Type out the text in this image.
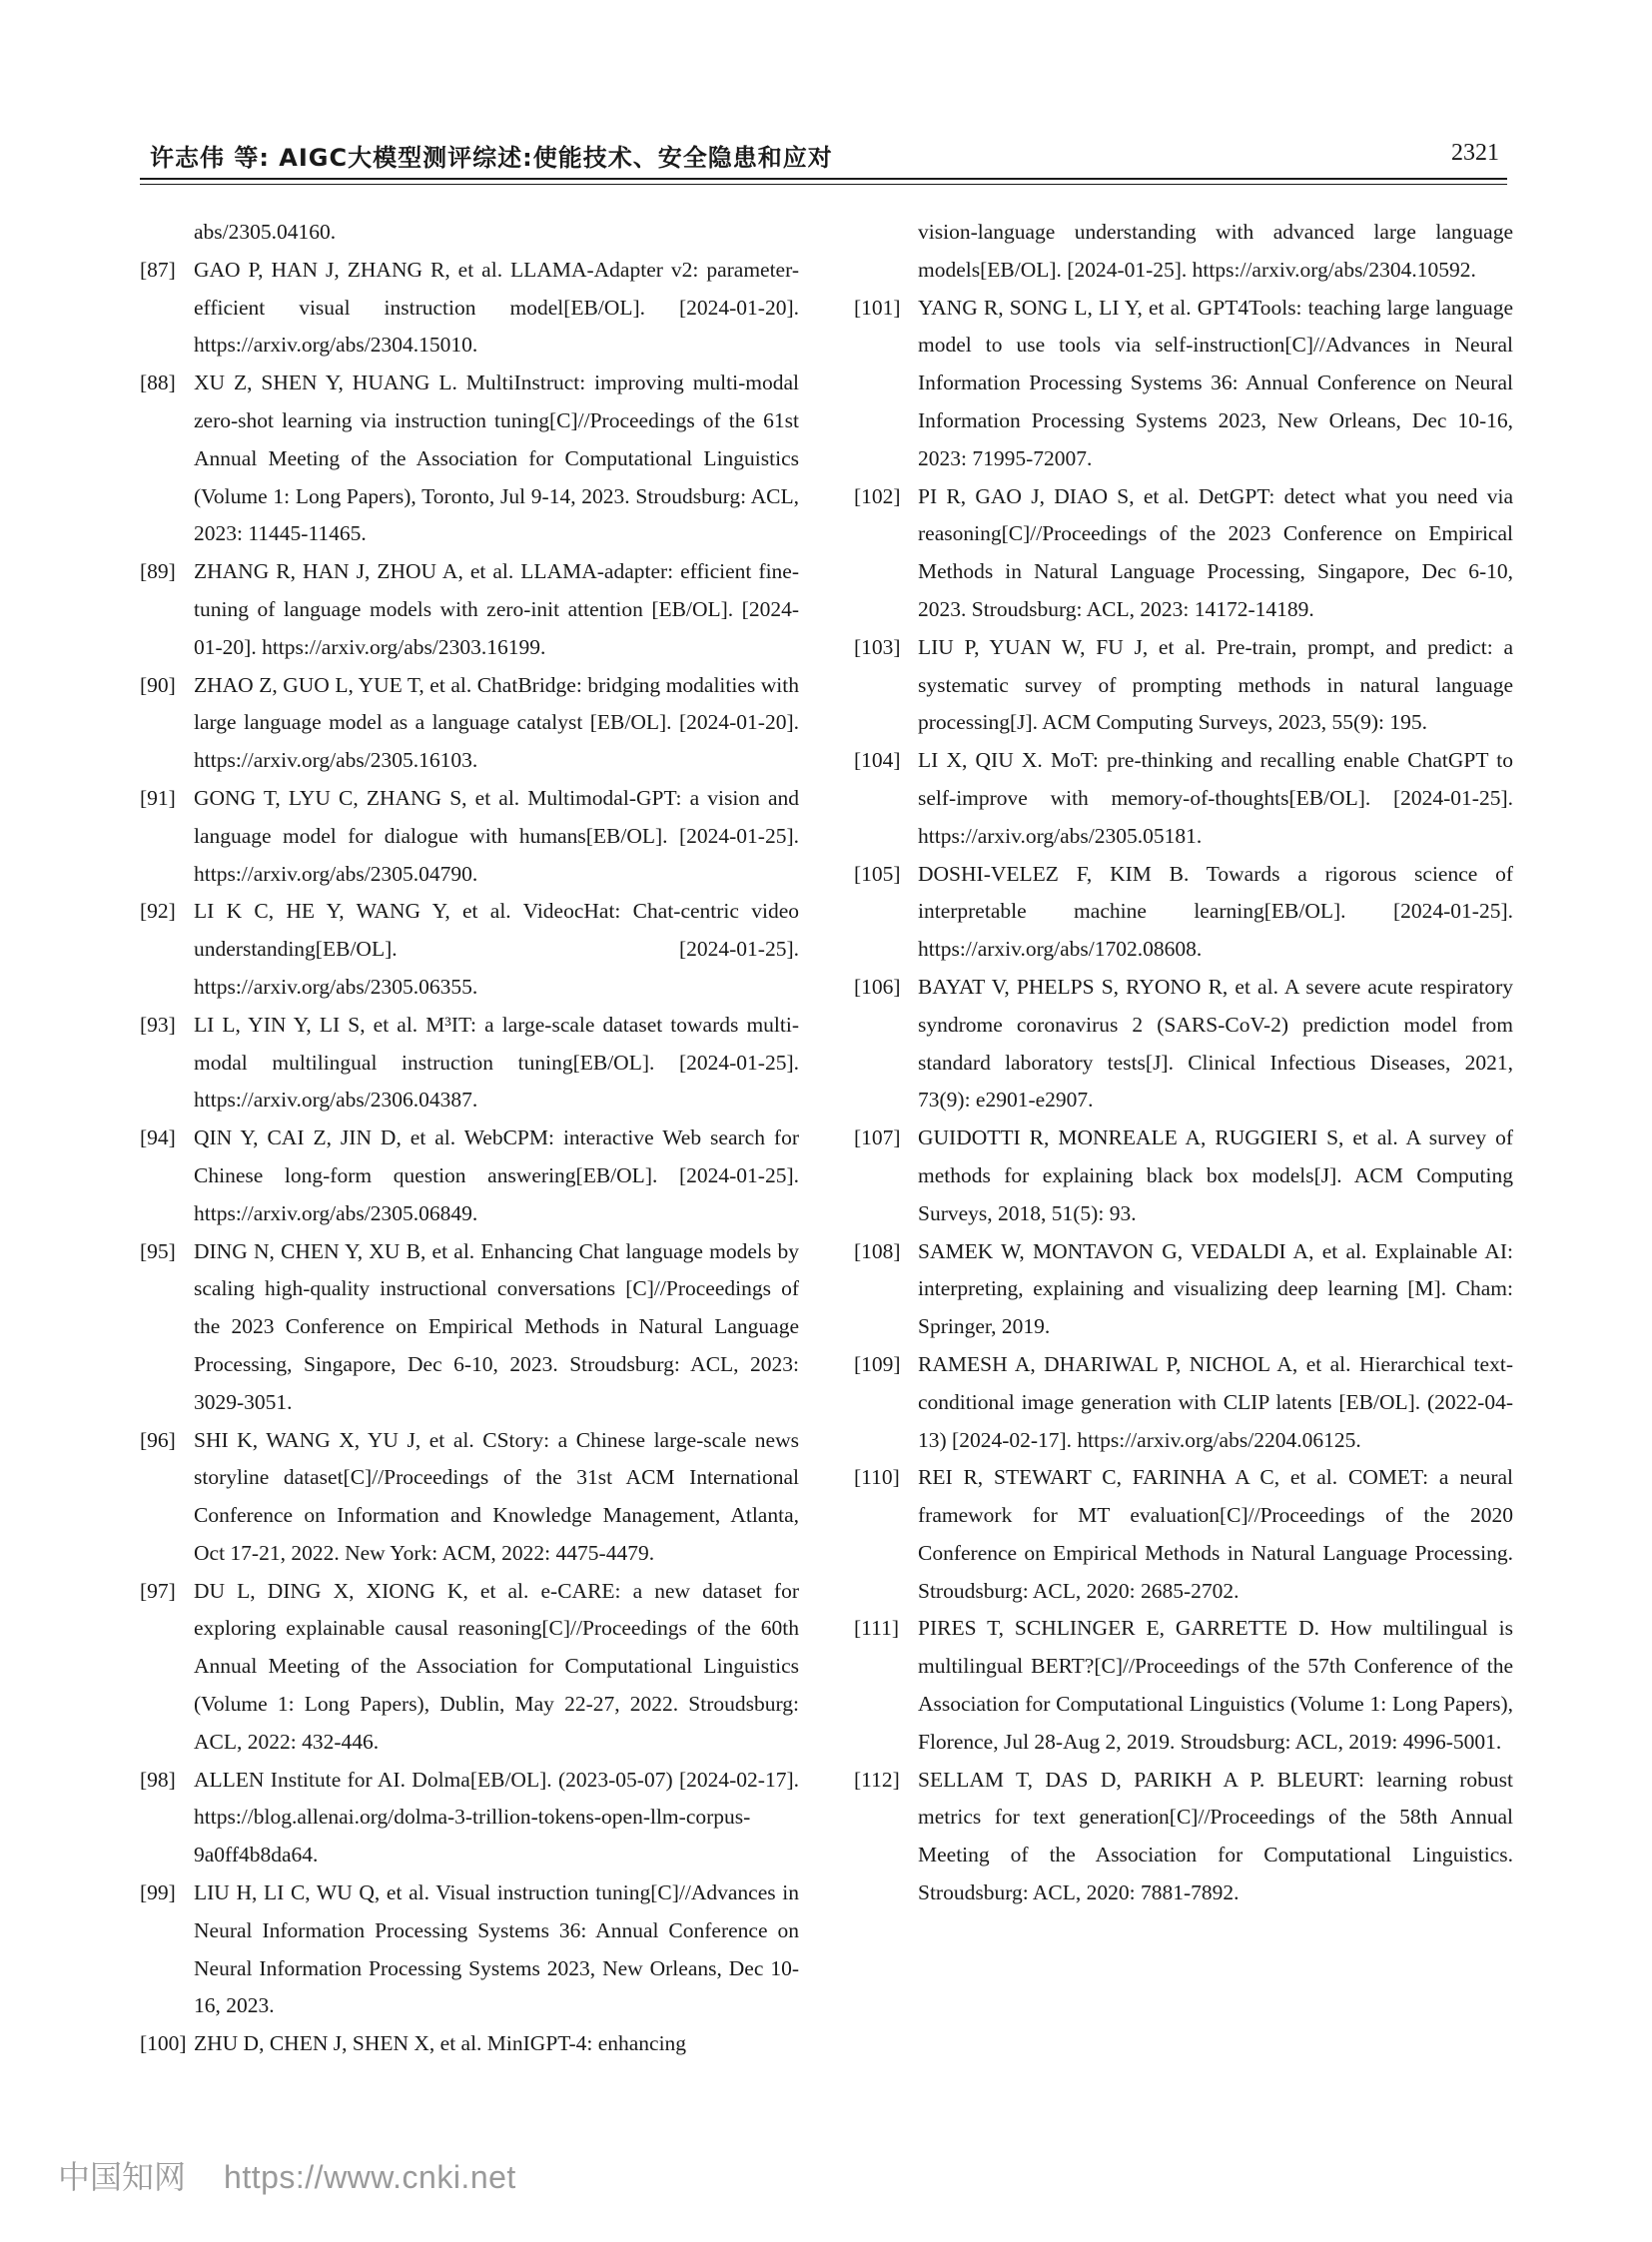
许志伟 等: AIGC大模型测评综述:使能技术、安全隐患和应对	2321

abs/2305.04160.

[87] GAO P, HAN J, ZHANG R, et al. LLAMA-Adapter v2: parameter-efficient visual instruction model[EB/OL]. [2024-01-20]. https://arxiv.org/abs/2304.15010.

[88] XU Z, SHEN Y, HUANG L. MultiInstruct: improving multi-modal zero-shot learning via instruction tuning[C]//Proceedings of the 61st Annual Meeting of the Association for Computational Linguistics (Volume 1: Long Papers), Toronto, Jul 9-14, 2023. Stroudsburg: ACL, 2023: 11445-11465.

[89] ZHANG R, HAN J, ZHOU A, et al. LLAMA-adapter: efficient fine-tuning of language models with zero-init attention [EB/OL]. [2024-01-20]. https://arxiv.org/abs/2303.16199.

[90] ZHAO Z, GUO L, YUE T, et al. ChatBridge: bridging modalities with large language model as a language catalyst [EB/OL]. [2024-01-20]. https://arxiv.org/abs/2305.16103.

[91] GONG T, LYU C, ZHANG S, et al. Multimodal-GPT: a vision and language model for dialogue with humans[EB/OL]. [2024-01-25]. https://arxiv.org/abs/2305.04790.

[92] LI K C, HE Y, WANG Y, et al. VideocHat: Chat-centric video understanding[EB/OL]. [2024-01-25]. https://arxiv.org/abs/2305.06355.

[93] LI L, YIN Y, LI S, et al. M³IT: a large-scale dataset towards multi-modal multilingual instruction tuning[EB/OL]. [2024-01-25]. https://arxiv.org/abs/2306.04387.

[94] QIN Y, CAI Z, JIN D, et al. WebCPM: interactive Web search for Chinese long-form question answering[EB/OL]. [2024-01-25]. https://arxiv.org/abs/2305.06849.

[95] DING N, CHEN Y, XU B, et al. Enhancing Chat language models by scaling high-quality instructional conversations [C]//Proceedings of the 2023 Conference on Empirical Methods in Natural Language Processing, Singapore, Dec 6-10, 2023. Stroudsburg: ACL, 2023: 3029-3051.

[96] SHI K, WANG X, YU J, et al. CStory: a Chinese large-scale news storyline dataset[C]//Proceedings of the 31st ACM International Conference on Information and Knowledge Management, Atlanta, Oct 17-21, 2022. New York: ACM, 2022: 4475-4479.

[97] DU L, DING X, XIONG K, et al. e-CARE: a new dataset for exploring explainable causal reasoning[C]//Proceedings of the 60th Annual Meeting of the Association for Computational Linguistics (Volume 1: Long Papers), Dublin, May 22-27, 2022. Stroudsburg: ACL, 2022: 432-446.

[98] ALLEN Institute for AI. Dolma[EB/OL]. (2023-05-07) [2024-02-17]. https://blog.allenai.org/dolma-3-trillion-tokens-open-llm-corpus-9a0ff4b8da64.

[99] LIU H, LI C, WU Q, et al. Visual instruction tuning[C]//Advances in Neural Information Processing Systems 36: Annual Conference on Neural Information Processing Systems 2023, New Orleans, Dec 10-16, 2023.

[100] ZHU D, CHEN J, SHEN X, et al. MinIGPT-4: enhancing

vision-language understanding with advanced large language models[EB/OL]. [2024-01-25]. https://arxiv.org/abs/2304.10592.

[101] YANG R, SONG L, LI Y, et al. GPT4Tools: teaching large language model to use tools via self-instruction[C]//Advances in Neural Information Processing Systems 36: Annual Conference on Neural Information Processing Systems 2023, New Orleans, Dec 10-16, 2023: 71995-72007.

[102] PI R, GAO J, DIAO S, et al. DetGPT: detect what you need via reasoning[C]//Proceedings of the 2023 Conference on Empirical Methods in Natural Language Processing, Singapore, Dec 6-10, 2023. Stroudsburg: ACL, 2023: 14172-14189.

[103] LIU P, YUAN W, FU J, et al. Pre-train, prompt, and predict: a systematic survey of prompting methods in natural language processing[J]. ACM Computing Surveys, 2023, 55(9): 195.

[104] LI X, QIU X. MoT: pre-thinking and recalling enable ChatGPT to self-improve with memory-of-thoughts[EB/OL]. [2024-01-25]. https://arxiv.org/abs/2305.05181.

[105] DOSHI-VELEZ F, KIM B. Towards a rigorous science of interpretable machine learning[EB/OL]. [2024-01-25]. https://arxiv.org/abs/1702.08608.

[106] BAYAT V, PHELPS S, RYONO R, et al. A severe acute respiratory syndrome coronavirus 2 (SARS-CoV-2) prediction model from standard laboratory tests[J]. Clinical Infectious Diseases, 2021, 73(9): e2901-e2907.

[107] GUIDOTTI R, MONREALE A, RUGGIERI S, et al. A survey of methods for explaining black box models[J]. ACM Computing Surveys, 2018, 51(5): 93.

[108] SAMEK W, MONTAVON G, VEDALDI A, et al. Explainable AI: interpreting, explaining and visualizing deep learning [M]. Cham: Springer, 2019.

[109] RAMESH A, DHARIWAL P, NICHOL A, et al. Hierarchical text-conditional image generation with CLIP latents [EB/OL]. (2022-04-13) [2024-02-17]. https://arxiv.org/abs/2204.06125.

[110] REI R, STEWART C, FARINHA A C, et al. COMET: a neural framework for MT evaluation[C]//Proceedings of the 2020 Conference on Empirical Methods in Natural Language Processing. Stroudsburg: ACL, 2020: 2685-2702.

[111] PIRES T, SCHLINGER E, GARRETTE D. How multilingual is multilingual BERT?[C]//Proceedings of the 57th Conference of the Association for Computational Linguistics (Volume 1: Long Papers), Florence, Jul 28-Aug 2, 2019. Stroudsburg: ACL, 2019: 4996-5001.

[112] SELLAM T, DAS D, PARIKH A P. BLEURT: learning robust metrics for text generation[C]//Proceedings of the 58th Annual Meeting of the Association for Computational Linguistics. Stroudsburg: ACL, 2020: 7881-7892.

中国知网 https://www.cnki.net
